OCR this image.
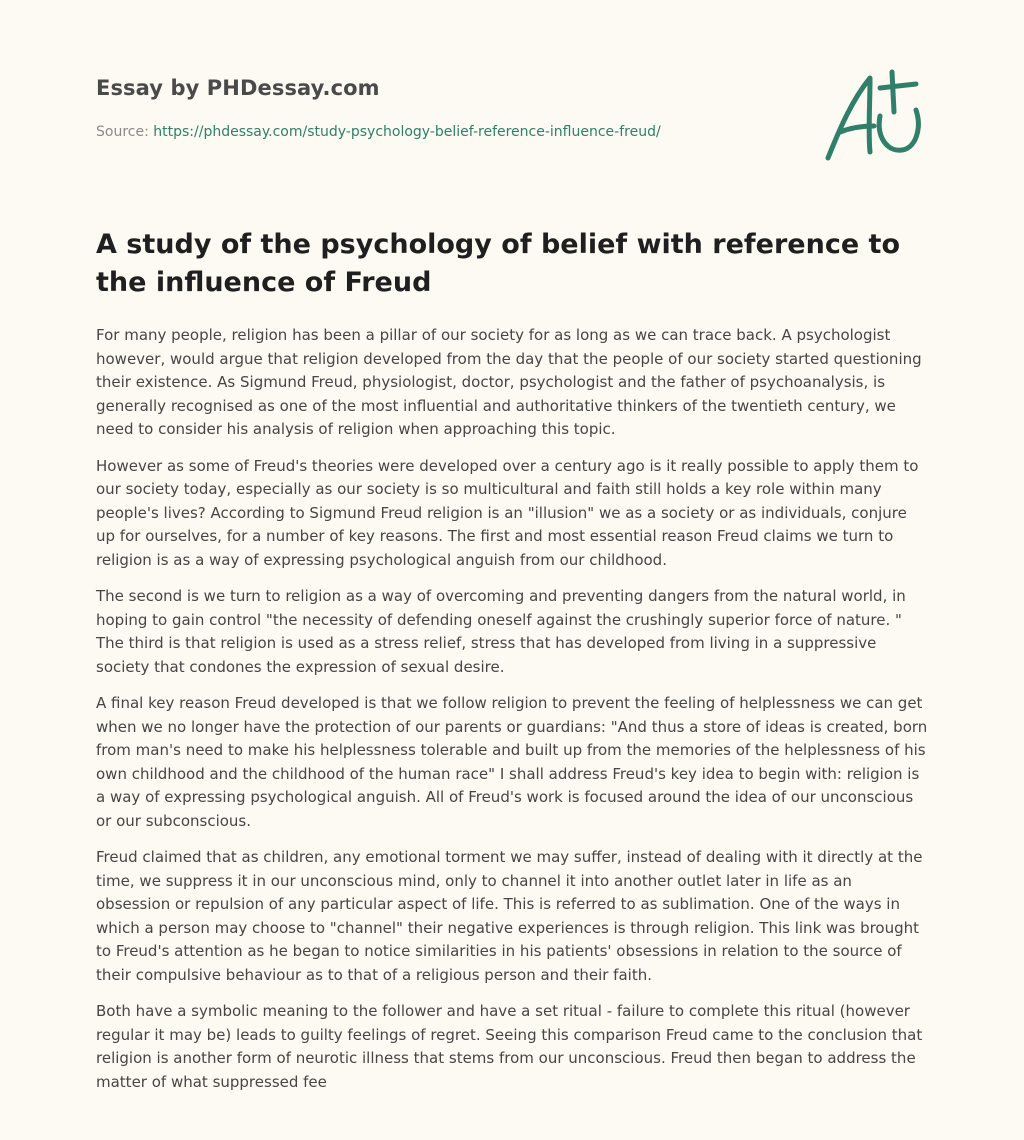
Essay by PHDessay.com
Source: https://phdessay.com/study-psychology-belief-reference-influence-freud/
A study of the psychology of belief with reference to the influence of Freud

For many people, religion has been a pillar of our society for as long as we can trace back. A psychologist however, would argue that religion developed from the day that the people of our society started questioning their existence. As Sigmund Freud, physiologist, doctor, psychologist and the father of psychoanalysis, is generally recognised as one of the most influential and authoritative thinkers of the twentieth century, we need to consider his analysis of religion when approaching this topic.

However as some of Freud's theories were developed over a century ago is it really possible to apply them to our society today, especially as our society is so multicultural and faith still holds a key role within many people's lives? According to Sigmund Freud religion is an "illusion" we as a society or as individuals, conjure up for ourselves, for a number of key reasons. The first and most essential reason Freud claims we turn to religion is as a way of expressing psychological anguish from our childhood.

The second is we turn to religion as a way of overcoming and preventing dangers from the natural world, in hoping to gain control "the necessity of defending oneself against the crushingly superior force of nature. " The third is that religion is used as a stress relief, stress that has developed from living in a suppressive society that condones the expression of sexual desire.

A final key reason Freud developed is that we follow religion to prevent the feeling of helplessness we can get when we no longer have the protection of our parents or guardians: "And thus a store of ideas is created, born from man's need to make his helplessness tolerable and built up from the memories of the helplessness of his own childhood and the childhood of the human race" I shall address Freud's key idea to begin with: religion is a way of expressing psychological anguish. All of Freud's work is focused around the idea of our unconscious or our subconscious.

Freud claimed that as children, any emotional torment we may suffer, instead of dealing with it directly at the time, we suppress it in our unconscious mind, only to channel it into another outlet later in life as an obsession or repulsion of any particular aspect of life. This is referred to as sublimation. One of the ways in which a person may choose to "channel" their negative experiences is through religion. This link was brought to Freud's attention as he began to notice similarities in his patients' obsessions in relation to the source of their compulsive behaviour as to that of a religious person and their faith.

Both have a symbolic meaning to the follower and have a set ritual - failure to complete this ritual (however regular it may be) leads to guilty feelings of regret. Seeing this comparison Freud came to the conclusion that religion is another form of neurotic illness that stems from our unconscious. Freud then began to address the matter of what suppressed fee
